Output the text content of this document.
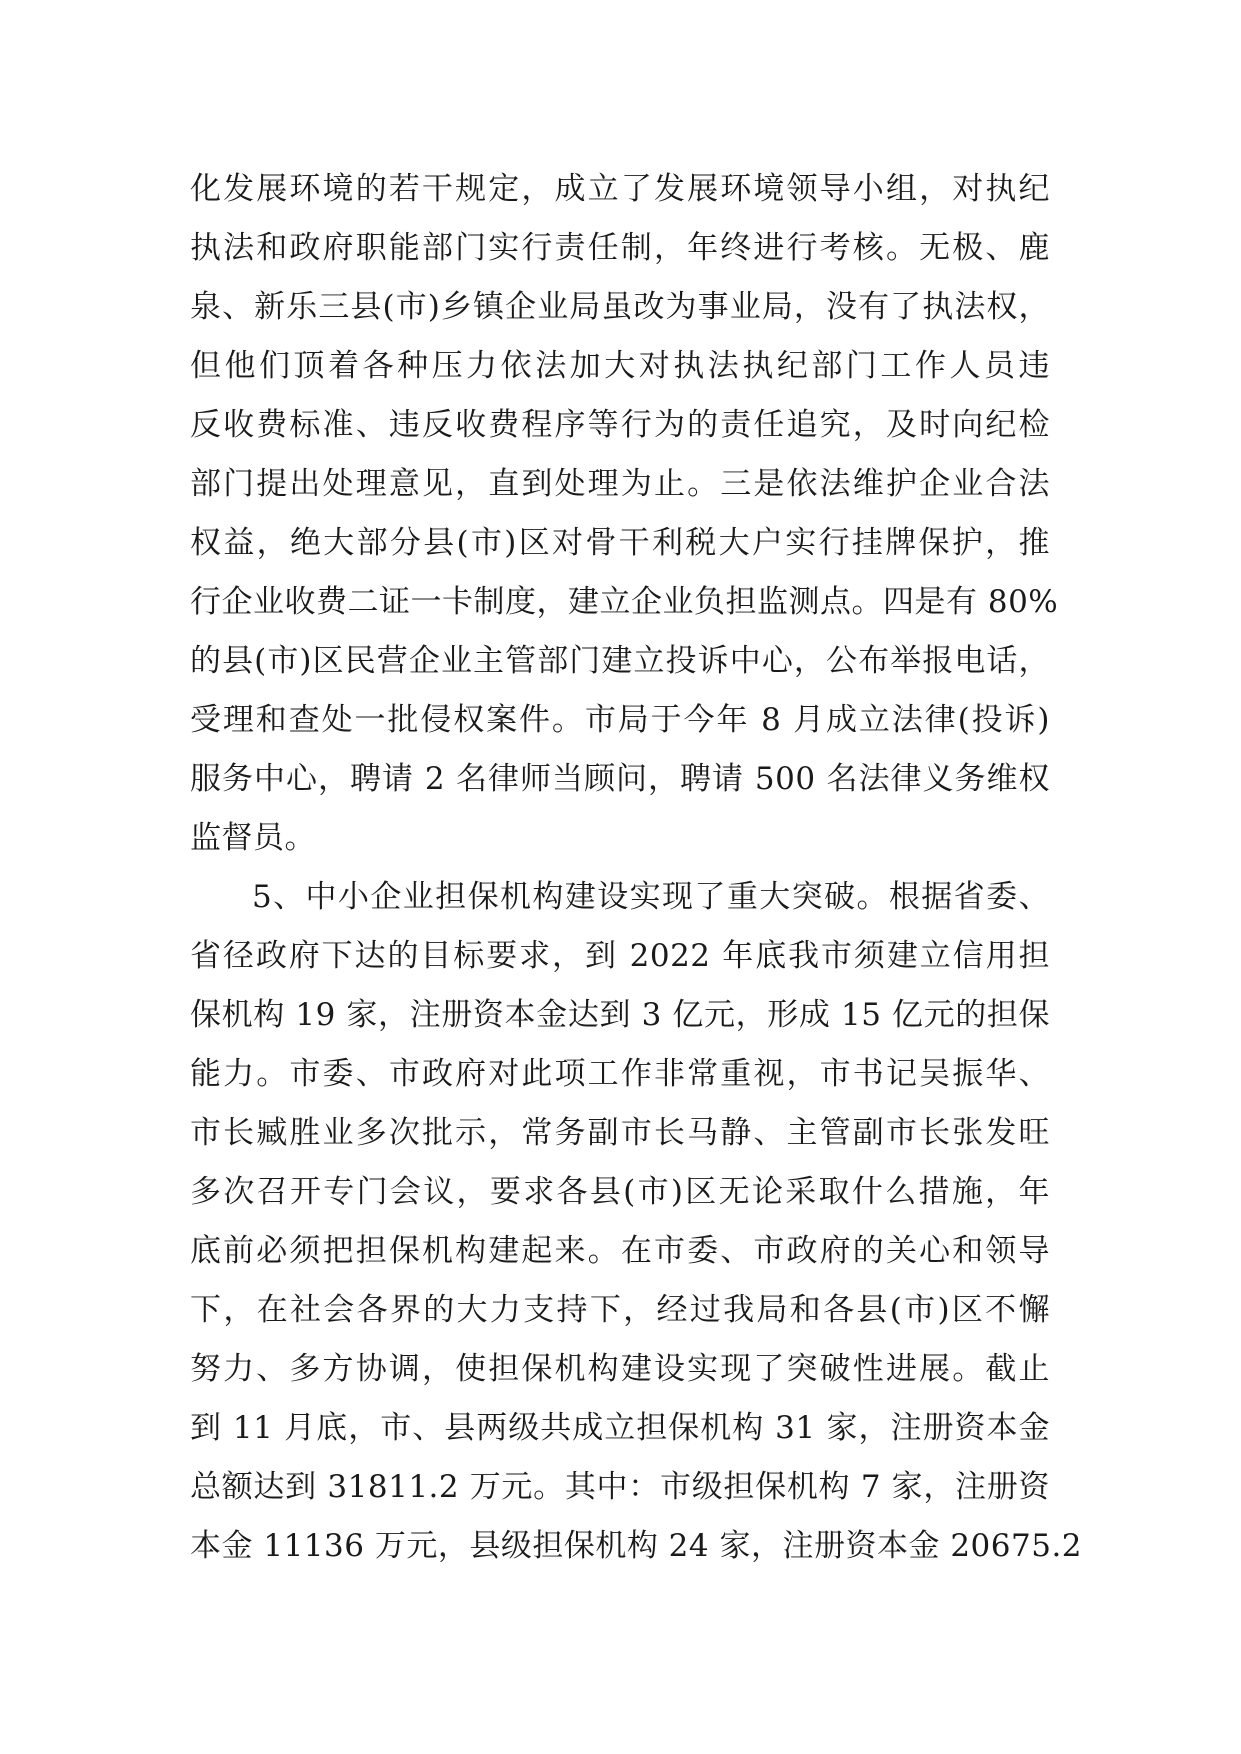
化发展环境的若干规定，成立了发展环境领导小组，对执纪
执法和政府职能部门实行责任制，年终进行考核。无极、鹿
泉、新乐三县(市)乡镇企业局虽改为事业局，没有了执法权，
但他们顶着各种压力依法加大对执法执纪部门工作人员违
反收费标准、违反收费程序等行为的责任追究，及时向纪检
部门提出处理意见，直到处理为止。三是依法维护企业合法
权益，绝大部分县(市)区对骨干利税大户实行挂牌保护，推
行企业收费二证一卡制度，建立企业负担监测点。四是有 80%
的县(市)区民营企业主管部门建立投诉中心，公布举报电话，
受理和查处一批侵权案件。市局于今年 8 月成立法律(投诉)
服务中心，聘请 2 名律师当顾问，聘请 500 名法律义务维权
监督员。
5、中小企业担保机构建设实现了重大突破。根据省委、
省径政府下达的目标要求，到 2022 年底我市须建立信用担
保机构 19 家，注册资本金达到 3 亿元，形成 15 亿元的担保
能力。市委、市政府对此项工作非常重视，市书记吴振华、
市长臧胜业多次批示，常务副市长马静、主管副市长张发旺
多次召开专门会议，要求各县(市)区无论采取什么措施，年
底前必须把担保机构建起来。在市委、市政府的关心和领导
下，在社会各界的大力支持下，经过我局和各县(市)区不懈
努力、多方协调，使担保机构建设实现了突破性进展。截止
到 11 月底，市、县两级共成立担保机构 31 家，注册资本金
总额达到 31811.2 万元。其中：市级担保机构 7 家，注册资
本金 11136 万元，县级担保机构 24 家，注册资本金 20675.2
